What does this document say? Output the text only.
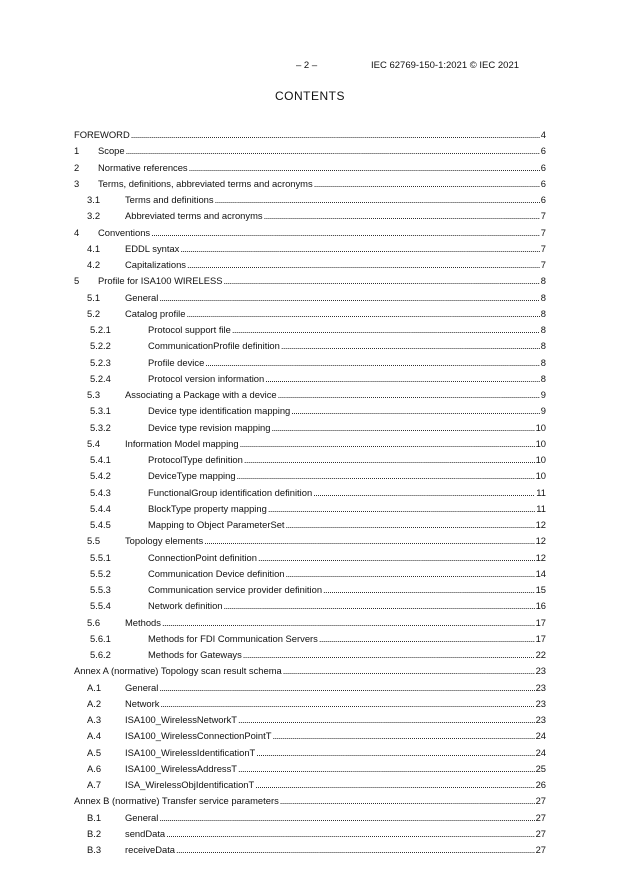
– 2 –	IEC 62769-150-1:2021 © IEC 2021
CONTENTS
FOREWORD . . .	4
1	Scope . . .	6
2	Normative references . . .	6
3	Terms, definitions, abbreviated terms and acronyms . . .	6
3.1	Terms and definitions . . .	6
3.2	Abbreviated terms and acronyms . . .	7
4	Conventions . . .	7
4.1	EDDL syntax . . .	7
4.2	Capitalizations . . .	7
5	Profile for ISA100 WIRELESS . . .	8
5.1	General . . .	8
5.2	Catalog profile . . .	8
5.2.1	Protocol support file . . .	8
5.2.2	CommunicationProfile definition . . .	8
5.2.3	Profile device . . .	8
5.2.4	Protocol version information . . .	8
5.3	Associating a Package with a device . . .	9
5.3.1	Device type identification mapping . . .	9
5.3.2	Device type revision mapping . . .	10
5.4	Information Model mapping . . .	10
5.4.1	ProtocolType definition . . .	10
5.4.2	DeviceType mapping . . .	10
5.4.3	FunctionalGroup identification definition . . .	11
5.4.4	BlockType property mapping . . .	11
5.4.5	Mapping to Object ParameterSet . . .	12
5.5	Topology elements . . .	12
5.5.1	ConnectionPoint definition . . .	12
5.5.2	Communication Device definition . . .	14
5.5.3	Communication service provider definition . . .	15
5.5.4	Network definition . . .	16
5.6	Methods . . .	17
5.6.1	Methods for FDI Communication Servers . . .	17
5.6.2	Methods for Gateways . . .	22
Annex A (normative) Topology scan result schema . . .	23
A.1	General . . .	23
A.2	Network . . .	23
A.3	ISA100_WirelessNetworkT . . .	23
A.4	ISA100_WirelessConnectionPointT . . .	24
A.5	ISA100_WirelessIdentificationT . . .	24
A.6	ISA100_WirelessAddressT . . .	25
A.7	ISA_WirelessObjIdentificationT . . .	26
Annex B (normative) Transfer service parameters . . .	27
B.1	General . . .	27
B.2	sendData . . .	27
B.3	receiveData . . .	27
